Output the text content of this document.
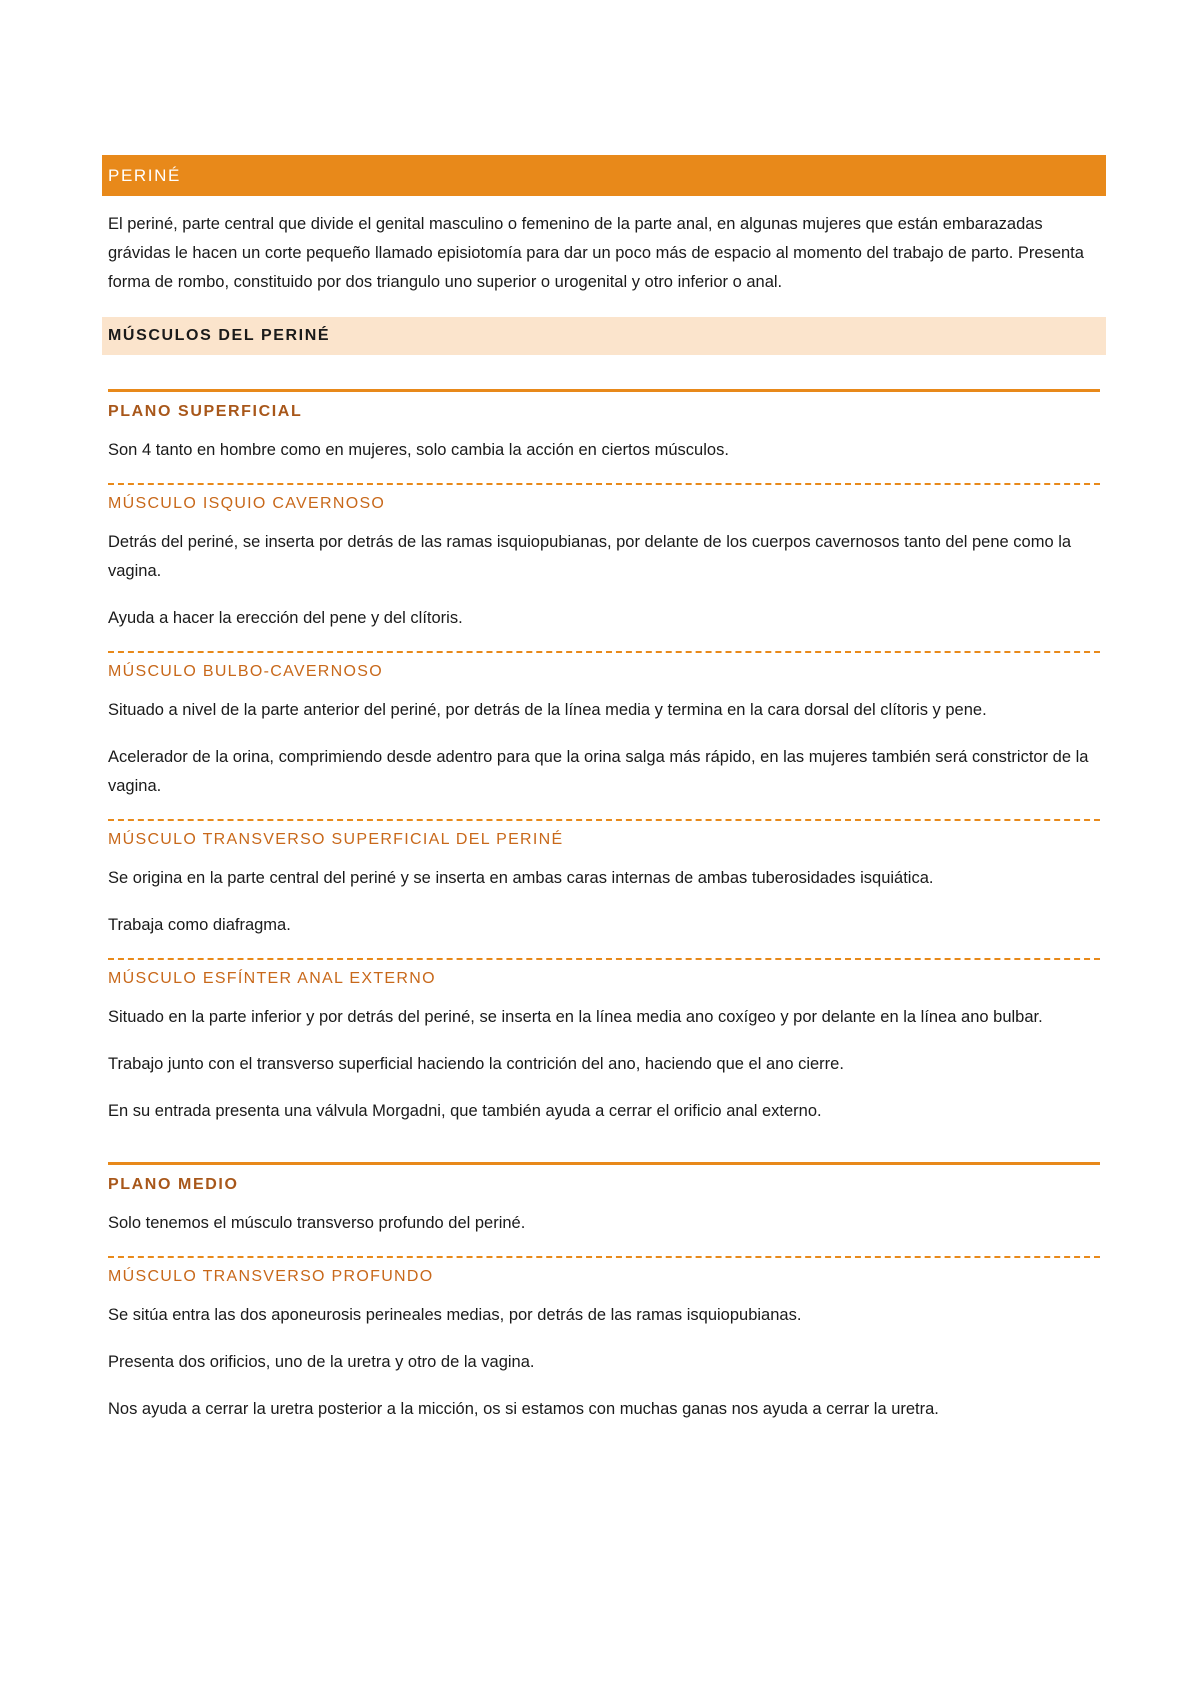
PERINÉ
El periné, parte central que divide el genital masculino o femenino de la parte anal, en algunas mujeres que están embarazadas grávidas le hacen un corte pequeño llamado episiotomía para dar un poco más de espacio al momento del trabajo de parto. Presenta forma de rombo, constituido por dos triangulo uno superior o urogenital y otro inferior o anal.
MÚSCULOS DEL PERINÉ
PLANO SUPERFICIAL
Son 4 tanto en hombre como en mujeres, solo cambia la acción en ciertos músculos.
MÚSCULO ISQUIO CAVERNOSO
Detrás del periné, se inserta por detrás de las ramas isquiopubianas, por delante de los cuerpos cavernosos tanto del pene como la vagina.
Ayuda a hacer la erección del pene y del clítoris.
MÚSCULO BULBO-CAVERNOSO
Situado a nivel de la parte anterior del periné, por detrás de la línea media y termina en la cara dorsal del clítoris y pene.
Acelerador de la orina, comprimiendo desde adentro para que la orina salga más rápido, en las mujeres también será constrictor de la vagina.
MÚSCULO TRANSVERSO SUPERFICIAL DEL PERINÉ
Se origina en la parte central del periné y se inserta en ambas caras internas de ambas tuberosidades isquiática.
Trabaja como diafragma.
MÚSCULO ESFÍNTER ANAL EXTERNO
Situado en la parte inferior y por detrás del periné, se inserta en la línea media ano coxígeo y por delante en la línea ano bulbar.
Trabajo junto con el transverso superficial haciendo la contrición del ano, haciendo que el ano cierre.
En su entrada presenta una válvula Morgadni, que también ayuda a cerrar el orificio anal externo.
PLANO MEDIO
Solo tenemos el músculo transverso profundo del periné.
MÚSCULO TRANSVERSO PROFUNDO
Se sitúa entra las dos aponeurosis perineales medias, por detrás de las ramas isquiopubianas.
Presenta dos orificios, uno de la uretra y otro de la vagina.
Nos ayuda a cerrar la uretra posterior a la micción, os si estamos con muchas ganas nos ayuda a cerrar la uretra.
